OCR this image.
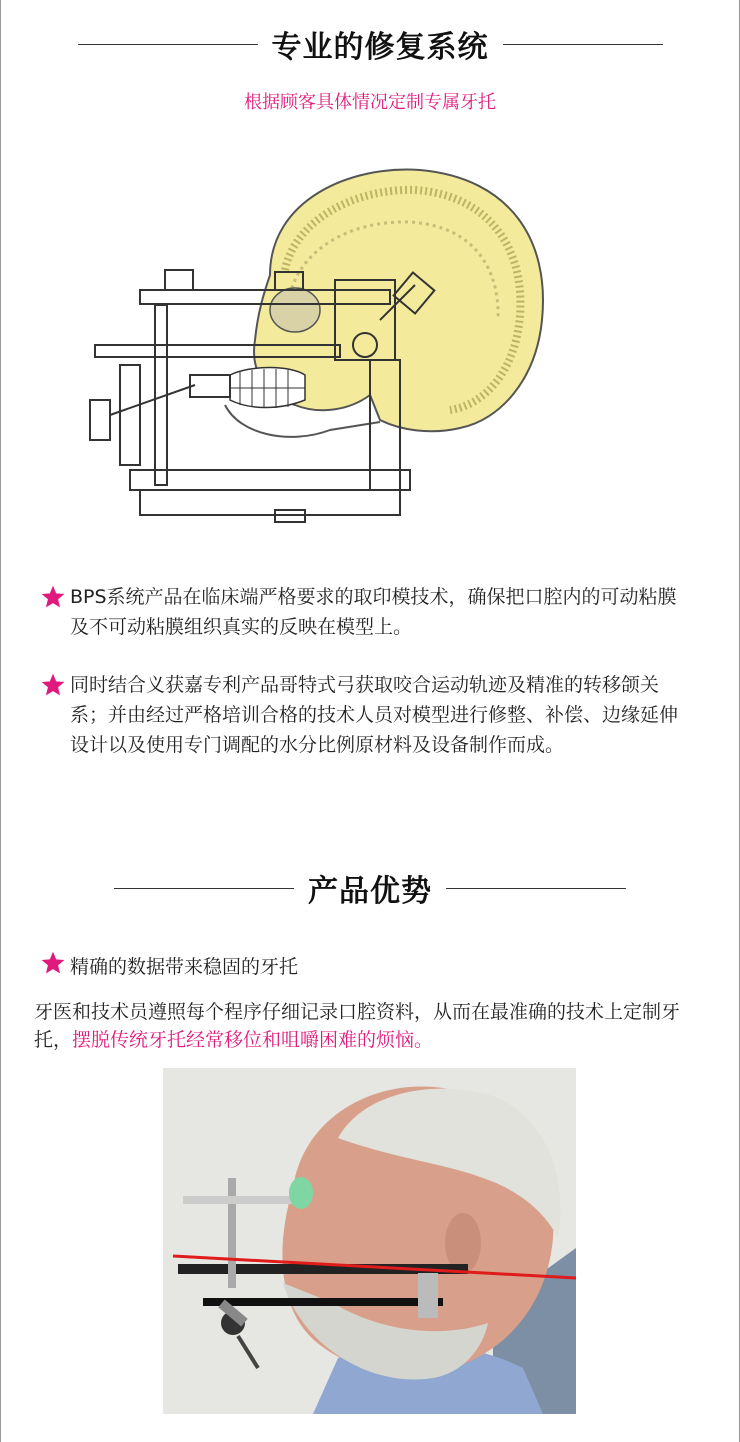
专业的修复系统
根据顾客具体情况定制专属牙托

BPS系统产品在临床端严格要求的取印模技术，确保把口腔内的可动粘膜及不可动粘膜组织真实的反映在模型上。

同时结合义获嘉专利产品哥特式弓获取咬合运动轨迹及精准的转移颌关系；并由经过严格培训合格的技术人员对模型进行修整、补偿、边缘延伸设计以及使用专门调配的水分比例原材料及设备制作而成。

产品优势
精确的数据带来稳固的牙托
牙医和技术员遵照每个程序仔细记录口腔资料，从而在最准确的技术上定制牙托，摆脱传统牙托经常移位和咀嚼困难的烦恼。
